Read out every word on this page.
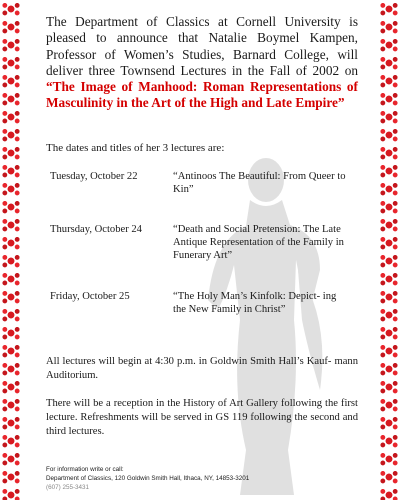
The Department of Classics at Cornell University is pleased to announce that Natalie Boymel Kampen, Professor of Women’s Studies, Barnard College, will deliver three Townsend Lectures in the Fall of 2002 on “The Image of Manhood: Roman Representations of Masculinity in the Art of the High and Late Empire”

The dates and titles of her 3 lectures are:

Tuesday, October 22	“Antinoos The Beautiful: From Queer to Kin”
Thursday, October 24	“Death and Social Pretension: The Late Antique Representation of the Family in Funerary Art”
Friday, October 25	“The Holy Man’s Kinfolk: Depict- ing the New Family in Christ”

All lectures will begin at 4:30 p.m. in Goldwin Smith Hall’s Kauf- mann Auditorium.

There will be a reception in the History of Art Gallery following the first lecture. Refreshments will be served in GS 119 following the second and third lectures.

For information write or call:
Department of Classics, 120 Goldwin Smith Hall, Ithaca, NY, 14853-3201
(607) 255-3431
